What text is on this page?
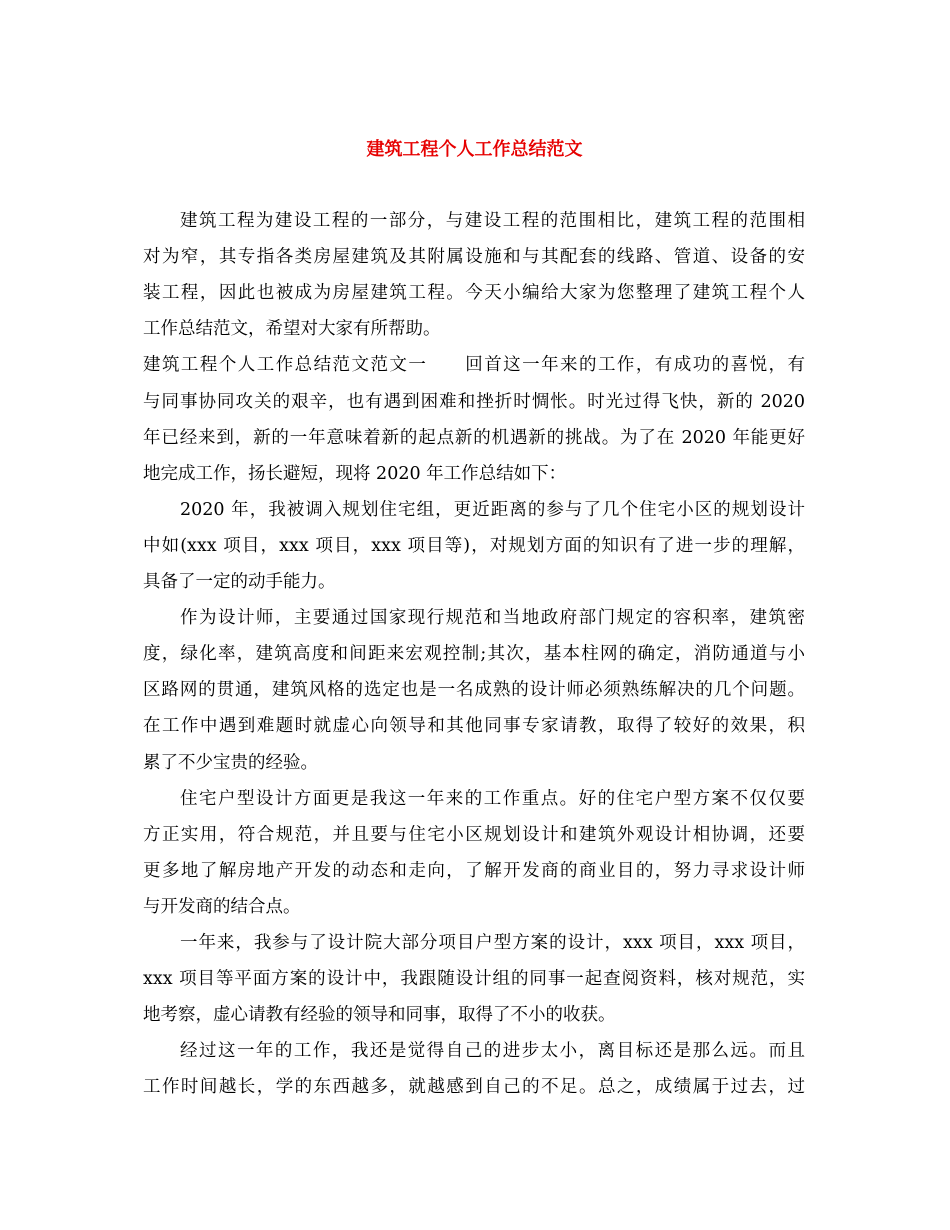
建筑工程个人工作总结范文
建筑工程为建设工程的一部分，与建设工程的范围相比，建筑工程的范围相
对为窄，其专指各类房屋建筑及其附属设施和与其配套的线路、管道、设备的安
装工程，因此也被成为房屋建筑工程。今天小编给大家为您整理了建筑工程个人
工作总结范文，希望对大家有所帮助。
建筑工程个人工作总结范文范文一　　回首这一年来的工作，有成功的喜悦，有
与同事协同攻关的艰辛，也有遇到困难和挫折时惆怅。时光过得飞快，新的 2020
年已经来到，新的一年意味着新的起点新的机遇新的挑战。为了在 2020 年能更好
地完成工作，扬长避短，现将 2020 年工作总结如下：
2020 年，我被调入规划住宅组，更近距离的参与了几个住宅小区的规划设计
中如(xxx 项目，xxx 项目，xxx 项目等)，对规划方面的知识有了进一步的理解，
具备了一定的动手能力。
作为设计师，主要通过国家现行规范和当地政府部门规定的容积率，建筑密
度，绿化率，建筑高度和间距来宏观控制;其次，基本柱网的确定，消防通道与小
区路网的贯通，建筑风格的选定也是一名成熟的设计师必须熟练解决的几个问题。
在工作中遇到难题时就虚心向领导和其他同事专家请教，取得了较好的效果，积
累了不少宝贵的经验。
住宅户型设计方面更是我这一年来的工作重点。好的住宅户型方案不仅仅要
方正实用，符合规范，并且要与住宅小区规划设计和建筑外观设计相协调，还要
更多地了解房地产开发的动态和走向，了解开发商的商业目的，努力寻求设计师
与开发商的结合点。
一年来，我参与了设计院大部分项目户型方案的设计，xxx 项目，xxx 项目，
xxx 项目等平面方案的设计中，我跟随设计组的同事一起查阅资料，核对规范，实
地考察，虚心请教有经验的领导和同事，取得了不小的收获。
经过这一年的工作，我还是觉得自己的进步太小，离目标还是那么远。而且
工作时间越长，学的东西越多，就越感到自己的不足。总之，成绩属于过去，过
